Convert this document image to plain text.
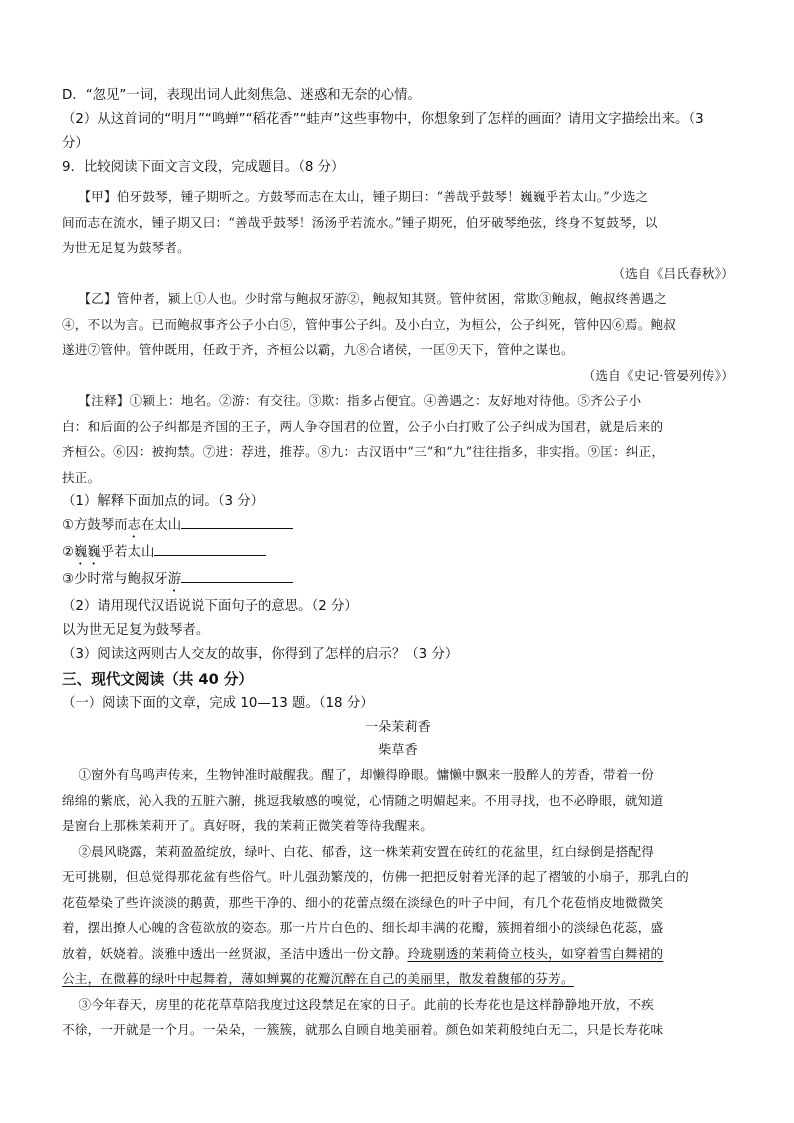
D．“忽见”一词，表现出词人此刻焦急、迷惑和无奈的心情。

（2）从这首词的“明月”“鸣蝉”“稻花香”“蛙声”这些事物中，你想象到了怎样的画面？请用文字描绘出来。（3

分）

9．比较阅读下面文言文段，完成题目。（8 分）

【甲】伯牙鼓琴，锺子期听之。方鼓琴而志在太山，锺子期曰：“善哉乎鼓琴！巍巍乎若太山。”少选之

间而志在流水，锺子期又曰：“善哉乎鼓琴！汤汤乎若流水。”锺子期死，伯牙破琴绝弦，终身不复鼓琴，以

为世无足复为鼓琴者。

（选自《吕氏春秋》）

【乙】管仲者，颍上①人也。少时常与鲍叔牙游②，鲍叔知其贤。管仲贫困，常欺③鲍叔，鲍叔终善遇之

④，不以为言。已而鲍叔事齐公子小白⑤，管仲事公子纠。及小白立，为桓公，公子纠死，管仲囚⑥焉。鲍叔

遂进⑦管仲。管仲既用，任政于齐，齐桓公以霸，九⑧合诸侯，一匡⑨天下，管仲之谋也。

（选自《史记·管晏列传》）

【注释】①颍上：地名。②游：有交往。③欺：指多占便宜。④善遇之：友好地对待他。⑤齐公子小

白：和后面的公子纠都是齐国的王子，两人争夺国君的位置，公子小白打败了公子纠成为国君，就是后来的

齐桓公。⑥囚：被拘禁。⑦进：荐进，推荐。⑧九：古汉语中“三”和“九”往往指多，非实指。⑨匡：纠正，

扶正。

（1）解释下面加点的词。（3 分）

①方鼓琴而志在太山

②巍巍乎若太山

③少时常与鲍叔牙游

（2）请用现代汉语说说下面句子的意思。（2 分）

以为世无足复为鼓琴者。

（3）阅读这两则古人交友的故事，你得到了怎样的启示？（3 分）

三、现代文阅读（共 40 分）

（一）阅读下面的文章，完成 10—13 题。（18 分）

一朵茉莉香

柴草香

①窗外有鸟鸣声传来，生物钟准时敲醒我。醒了，却懒得睁眼。慵懒中飘来一股醉人的芳香，带着一份

绵绵的紫底，沁入我的五脏六腑，挑逗我敏感的嗅觉，心情随之明媚起来。不用寻找，也不必睁眼，就知道

是窗台上那株茉莉开了。真好呀，我的茉莉正微笑着等待我醒来。

②晨风晓露，茉莉盈盈绽放，绿叶、白花、郁香，这一株茉莉安置在砖红的花盆里，红白绿倒是搭配得

无可挑剔，但总觉得那花盆有些俗气。叶儿强劲繁茂的，仿佛一把把反射着光泽的起了褶皱的小扇子，那乳白的

花苞晕染了些许淡淡的鹅黄，那些干净的、细小的花蕾点缀在淡绿色的叶子中间，有几个花苞悄皮地微微笑

着，摆出撩人心魄的含苞欲放的姿态。那一片片白色的、细长却丰满的花瓣，簇拥着细小的淡绿色花蕊，盛

放着，妖娆着。淡雅中透出一丝贤淑，圣洁中透出一份文静。玲珑剔透的茉莉倚立枝头，如穿着雪白舞裙的

公主，在微暮的绿叶中起舞着，薄如蝉翼的花瓣沉醉在自己的美丽里，散发着馥郁的芬芳。

③今年春天，房里的花花草草陪我度过这段禁足在家的日子。此前的长寿花也是这样静静地开放，不疾

不徐，一开就是一个月。一朵朵，一簇簇，就那么自顾自地美丽着。颜色如茉莉般纯白无二，只是长寿花味
